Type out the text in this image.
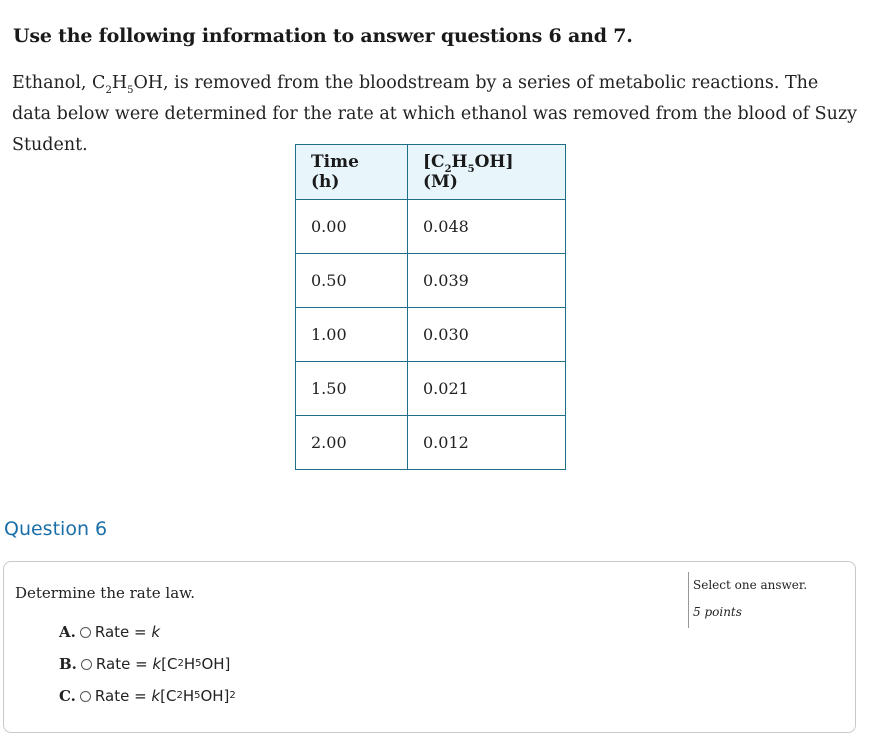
Use the following information to answer questions 6 and 7.

Ethanol, $C_2H_5OH$, is removed from the bloodstream by a series of metabolic reactions. The data below were determined for the rate at which ethanol was removed from the blood of Suzy Student.

Time (h)	$[C_2H_5OH]$ (M)
0.00	0.048
0.50	0.039
1.00	0.030
1.50	0.021
2.00	0.012
Question 6
Determine the rate law.
A. Rate =
k
B. Rate =
k [C 2 H 5 OH]
C. Rate =
k [C 2 H 5 OH] 2
Select one answer.
5 points
